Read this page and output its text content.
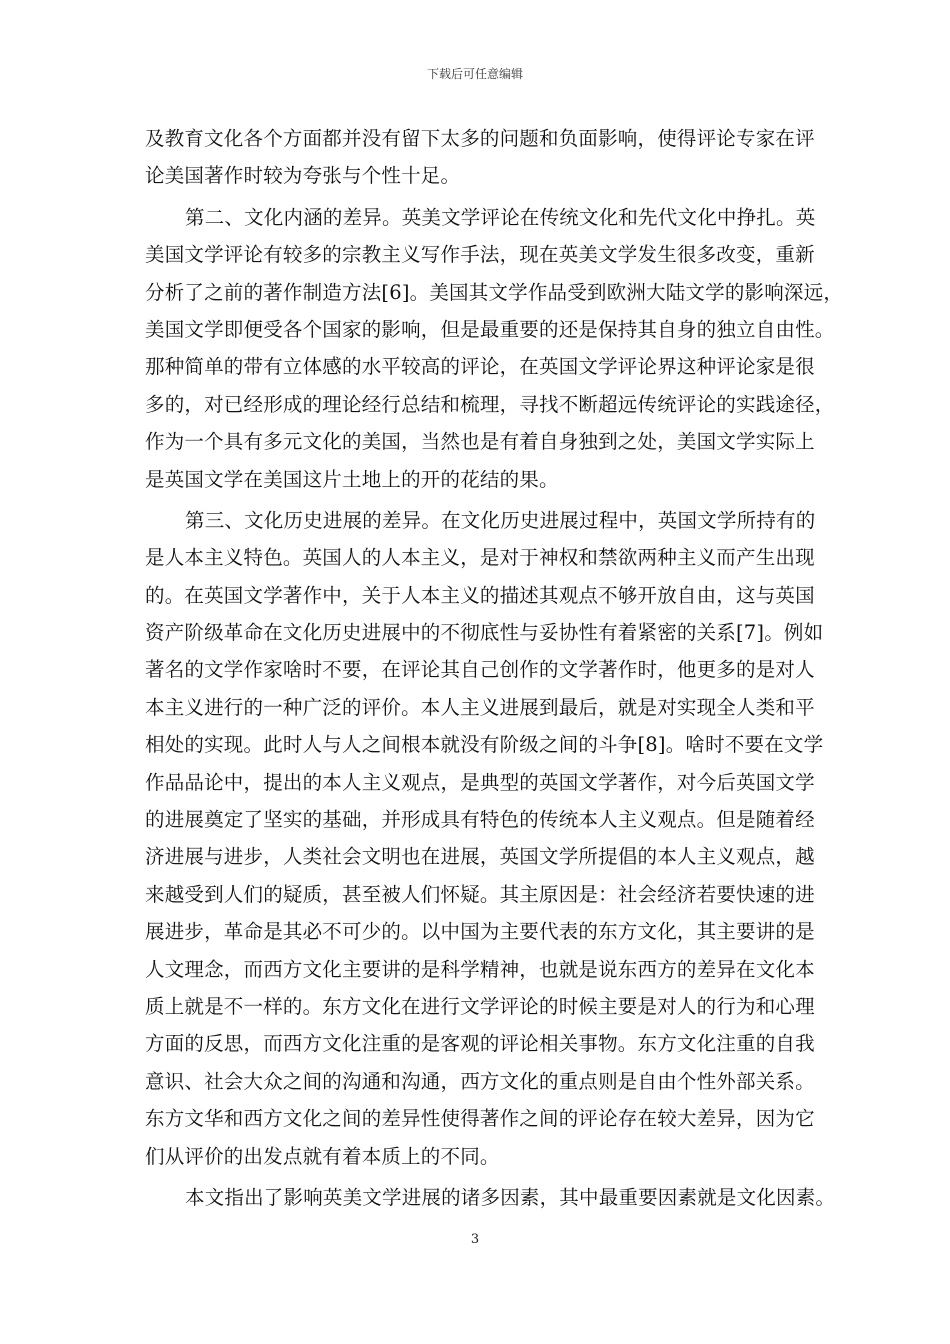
下载后可任意编辑
及教育文化各个方面都并没有留下太多的问题和负面影响，使得评论专家在评
论美国著作时较为夸张与个性十足。
第二、文化内涵的差异。英美文学评论在传统文化和先代文化中挣扎。英
美国文学评论有较多的宗教主义写作手法，现在英美文学发生很多改变，重新
分析了之前的著作制造方法[6]。美国其文学作品受到欧洲大陆文学的影响深远，
美国文学即便受各个国家的影响，但是最重要的还是保持其自身的独立自由性。
那种简单的带有立体感的水平较高的评论，在英国文学评论界这种评论家是很
多的，对已经形成的理论经行总结和梳理，寻找不断超远传统评论的实践途径，
作为一个具有多元文化的美国，当然也是有着自身独到之处，美国文学实际上
是英国文学在美国这片土地上的开的花结的果。
第三、文化历史进展的差异。在文化历史进展过程中，英国文学所持有的
是人本主义特色。英国人的人本主义，是对于神权和禁欲两种主义而产生出现
的。在英国文学著作中，关于人本主义的描述其观点不够开放自由，这与英国
资产阶级革命在文化历史进展中的不彻底性与妥协性有着紧密的关系[7]。例如
著名的文学作家啥时不要，在评论其自己创作的文学著作时，他更多的是对人
本主义进行的一种广泛的评价。本人主义进展到最后，就是对实现全人类和平
相处的实现。此时人与人之间根本就没有阶级之间的斗争[8]。啥时不要在文学
作品品论中，提出的本人主义观点，是典型的英国文学著作，对今后英国文学
的进展奠定了坚实的基础，并形成具有特色的传统本人主义观点。但是随着经
济进展与进步，人类社会文明也在进展，英国文学所提倡的本人主义观点，越
来越受到人们的疑质，甚至被人们怀疑。其主原因是：社会经济若要快速的进
展进步，革命是其必不可少的。以中国为主要代表的东方文化，其主要讲的是
人文理念，而西方文化主要讲的是科学精神，也就是说东西方的差异在文化本
质上就是不一样的。东方文化在进行文学评论的时候主要是对人的行为和心理
方面的反思，而西方文化注重的是客观的评论相关事物。东方文化注重的自我
意识、社会大众之间的沟通和沟通，西方文化的重点则是自由个性外部关系。
东方文华和西方文化之间的差异性使得著作之间的评论存在较大差异，因为它
们从评价的出发点就有着本质上的不同。
本文指出了影响英美文学进展的诸多因素，其中最重要因素就是文化因素。
3
